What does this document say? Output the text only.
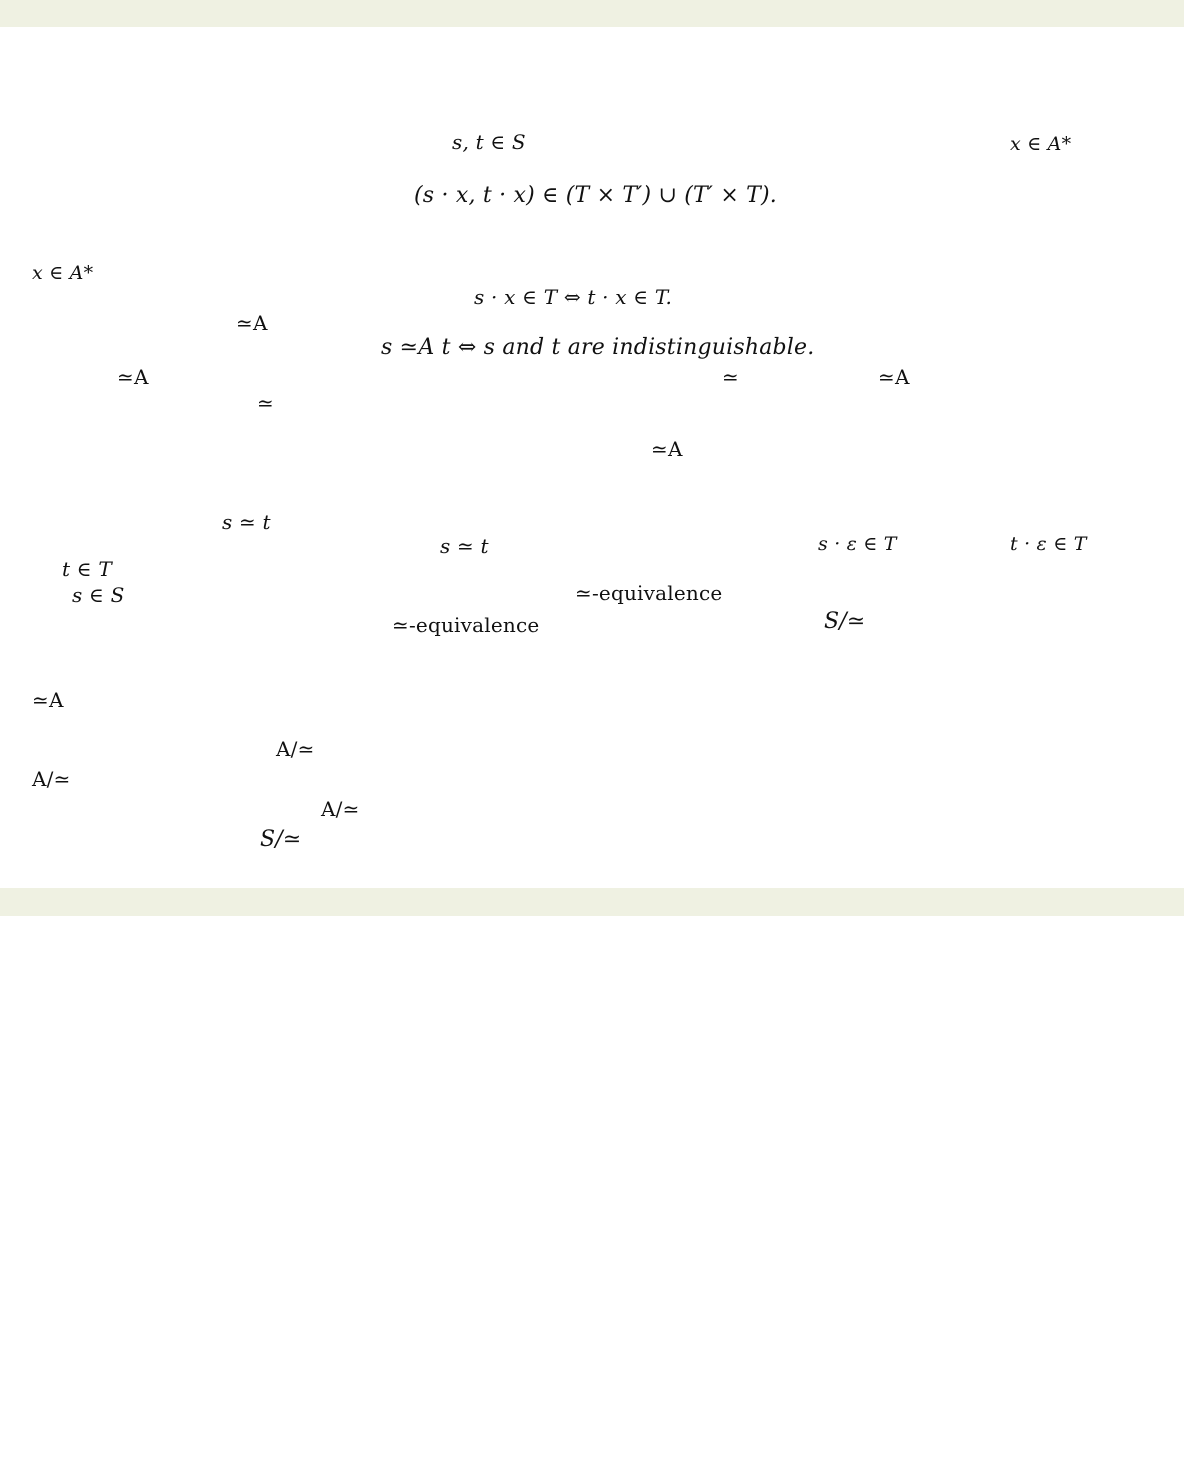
s, t ∈ S	x ∈ A*
(s · x, t · x) ∈ (T × T′) ∪ (T′ × T).
x ∈ A*
s · x ∈ T ⇔ t · x ∈ T.
≃A
s ≃A t ⇔ s and t are indistinguishable.
≃A	≃	≃A
≃
≃A
s ≃ t
s ≃ t	s · ε ∈ T	t · ε ∈ T
t ∈ T
s ∈ S	≃-equivalence
≃-equivalence	S/≃
≃A
A/≃
A/≃
A/≃
S/≃
